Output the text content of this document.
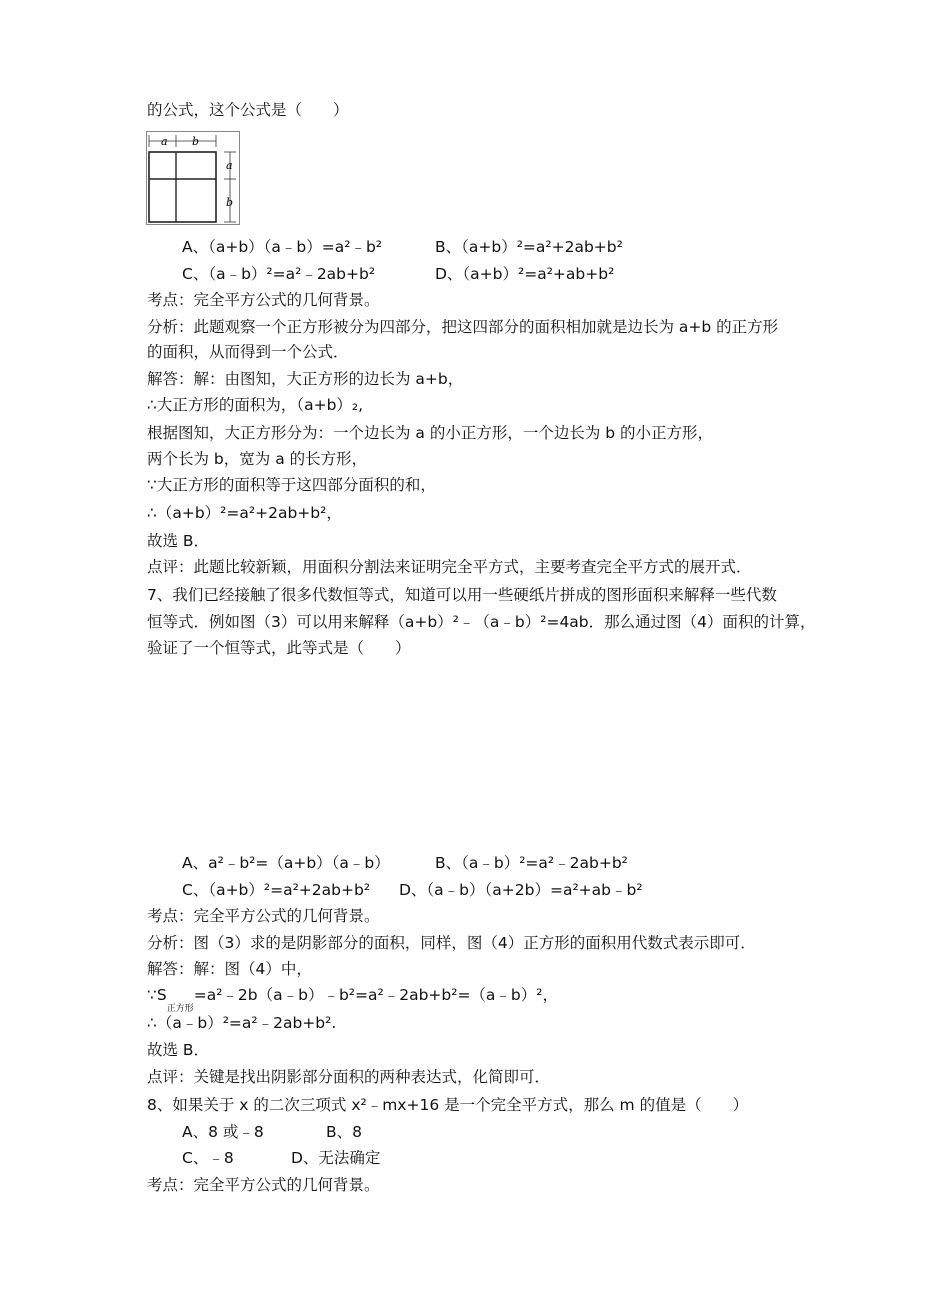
的公式，这个公式是（　　）
a b
a
b
A、（a+b）（a﹣b）=a²﹣b²	B、（a+b）²=a²+2ab+b²
C、（a﹣b）²=a²﹣2ab+b²	D、（a+b）²=a²+ab+b²
考点：完全平方公式的几何背景。
分析：此题观察一个正方形被分为四部分，把这四部分的面积相加就是边长为 a+b 的正方形
的面积，从而得到一个公式．
解答：解：由图知，大正方形的边长为 a+b，
∴大正方形的面积为，（a+b）₂,
根据图知，大正方形分为：一个边长为 a 的小正方形，一个边长为 b 的小正方形，
两个长为 b，宽为 a 的长方形，
∵大正方形的面积等于这四部分面积的和，
∴（a+b）²=a²+2ab+b²，
故选 B．
点评：此题比较新颖，用面积分割法来证明完全平方式，主要考查完全平方式的展开式．
7、我们已经接触了很多代数恒等式，知道可以用一些硬纸片拼成的图形面积来解释一些代数
恒等式．例如图（3）可以用来解释（a+b）²﹣（a﹣b）²=4ab．那么通过图（4）面积的计算，
验证了一个恒等式，此等式是（　　）
A、a²﹣b²=（a+b）（a﹣b）	B、（a﹣b）²=a²﹣2ab+b²
C、（a+b）²=a²+2ab+b² D、（a﹣b）（a+2b）=a²+ab﹣b²
考点：完全平方公式的几何背景。
分析：图（3）求的是阴影部分的面积，同样，图（4）正方形的面积用代数式表示即可．
解答：解：图（4）中，
$\because S_{正方形}=a^2﹣2b(a﹣b)﹣b^2=a^2﹣2ab+b^2=(a﹣b)^2$，
∴（a﹣b）²=a²﹣2ab+b².
故选 B．
点评：关键是找出阴影部分面积的两种表达式，化简即可．
8、如果关于 x 的二次三项式 x²﹣mx+16 是一个完全平方式，那么 m 的值是（　　）
A、8 或﹣8	B、8
C、﹣8	D、无法确定
考点：完全平方公式的几何背景。
